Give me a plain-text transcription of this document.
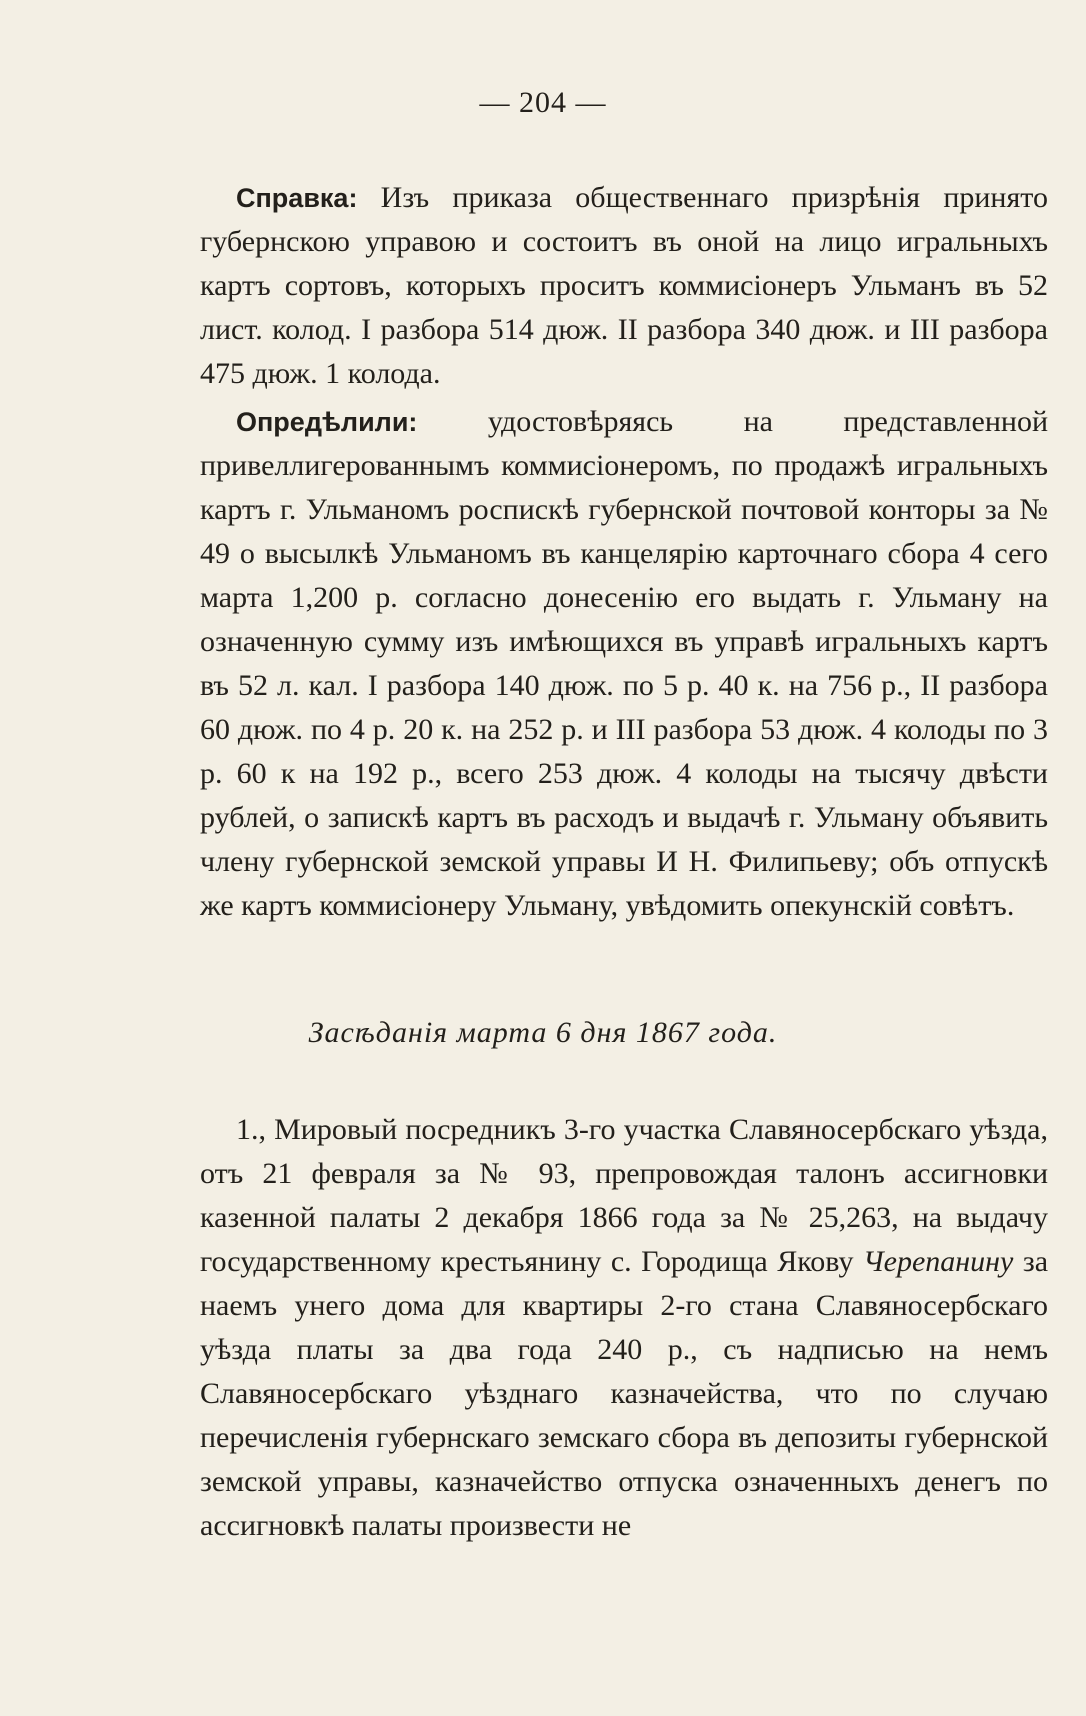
— 204 —

Справка: Изъ приказа общественнаго призрѣнія принято губернскою управою и состоитъ въ оной на лицо игральныхъ картъ сортовъ, которыхъ проситъ коммисіонеръ Ульманъ въ 52 лист. колод. I разбора 514 дюж. II разбора 340 дюж. и III разбора 475 дюж. 1 колода.

Опредѣлили: удостовѣряясь на представленной привеллигерованнымъ коммисіонеромъ, по продажѣ игральныхъ картъ г. Ульманомъ роспискѣ губернской почтовой конторы за № 49 о высылкѣ Ульманомъ въ канцелярію карточнаго сбора 4 сего марта 1,200 р. согласно донесенію его выдать г. Ульману на означенную сумму изъ имѣющихся въ управѣ игральныхъ картъ въ 52 л. кал. I разбора 140 дюж. по 5 р. 40 к. на 756 р., II разбора 60 дюж. по 4 р. 20 к. на 252 р. и III разбора 53 дюж. 4 колоды по 3 р. 60 к на 192 р., всего 253 дюж. 4 колоды на тысячу двѣсти рублей, о запискѣ картъ въ расходъ и выдачѣ г. Ульману объявить члену губернской земской управы И Н. Филипьеву; объ отпускѣ же картъ коммисіонеру Ульману, увѣдомить опекунскій совѣтъ.

Засѣданія марта 6 дня 1867 года.

1., Мировый посредникъ 3-го участка Славяносербскаго уѣзда, отъ 21 февраля за № 93, препровождая талонъ ассигновки казенной палаты 2 декабря 1866 года за № 25,263, на выдачу государственному крестьянину с. Городища Якову Черепанину за наемъ унего дома для квартиры 2-го стана Славяносербскаго уѣзда платы за два года 240 р., съ надписью на немъ Славяносербскаго уѣзднаго казначейства, что по случаю перечисленія губернскаго земскаго сбора въ депозиты губернской земской управы, казначейство отпуска означенныхъ денегъ по ассигновкѣ палаты произвести не
